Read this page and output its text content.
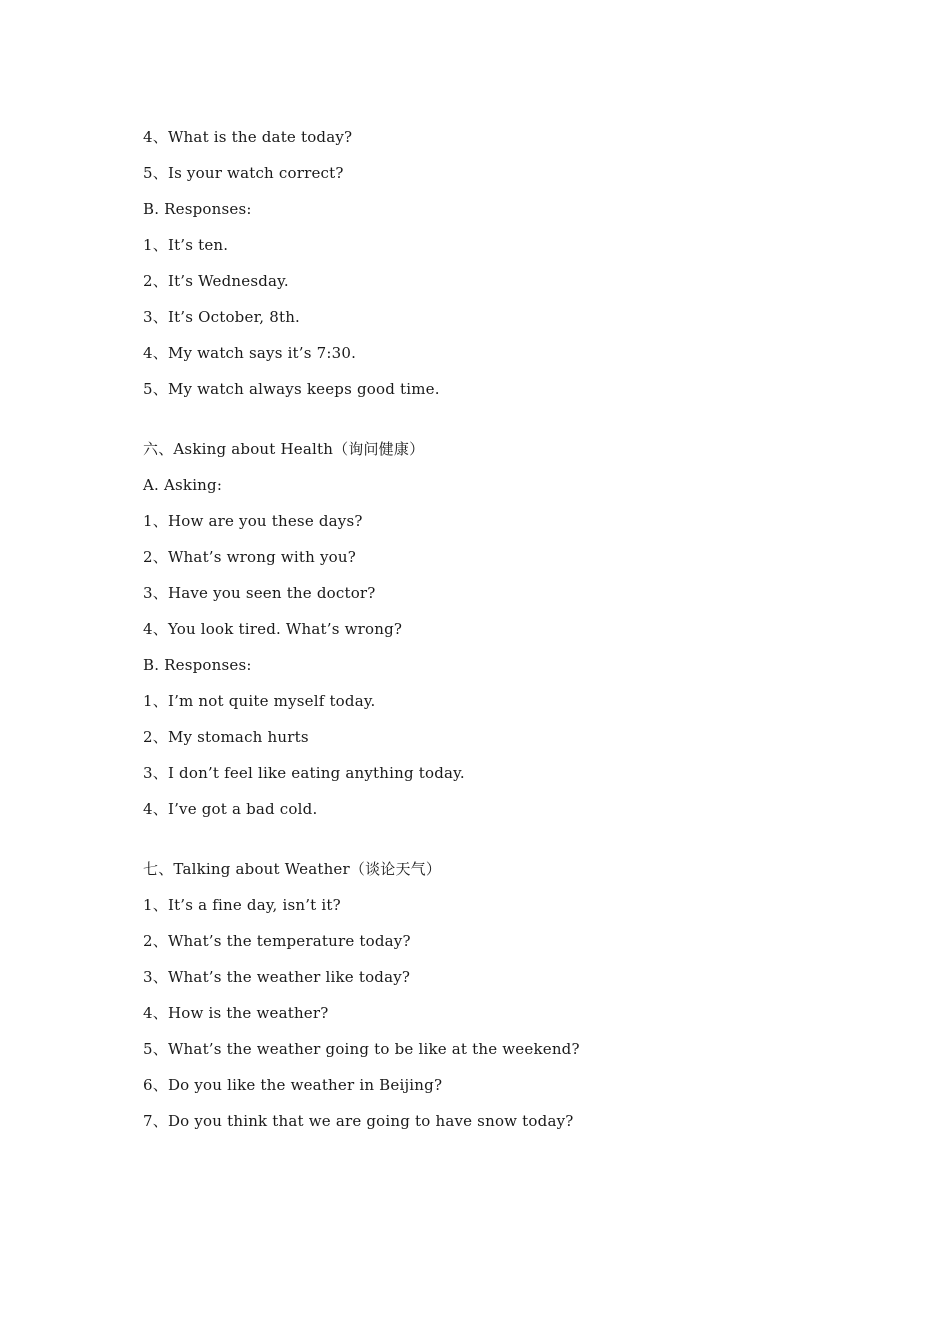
4、What is the date today?
5、Is your watch correct?
B. Responses:
1、It’s ten.
2、It’s Wednesday.
3、It’s October, 8th.
4、My watch says it’s 7:30.
5、My watch always keeps good time.
六、Asking about Health（询问健康）
A. Asking:
1、How are you these days?
2、What’s wrong with you?
3、Have you seen the doctor?
4、You look tired. What’s wrong?
B. Responses:
1、I’m not quite myself today.
2、My stomach hurts
3、I don’t feel like eating anything today.
4、I’ve got a bad cold.
七、Talking about Weather（谈论天气）
1、It’s a fine day, isn’t it?
2、What’s the temperature today?
3、What’s the weather like today?
4、How is the weather?
5、What’s the weather going to be like at the weekend?
6、Do you like the weather in Beijing?
7、Do you think that we are going to have snow today?
